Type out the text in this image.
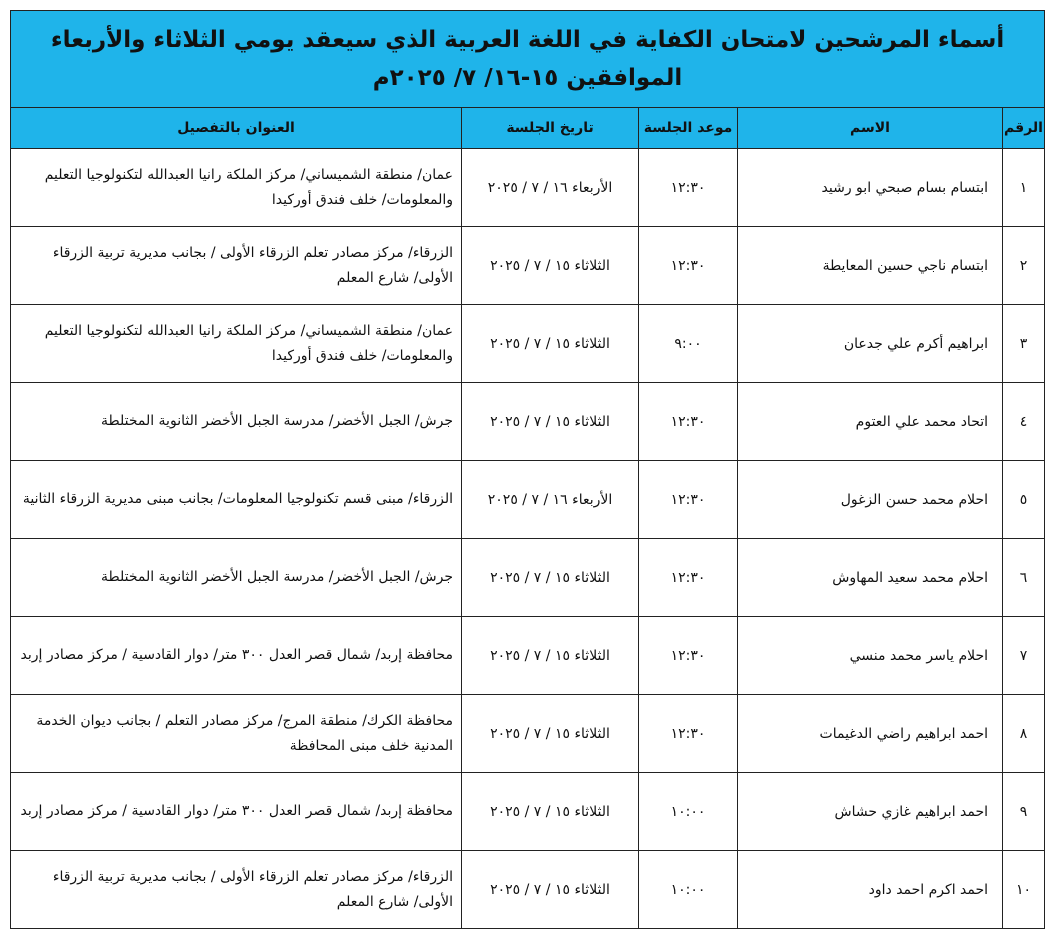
أسماء المرشحين لامتحان الكفاية في اللغة العربية الذي سيعقد يومي الثلاثاء والأربعاء
الموافقين ١٥-١٦/ ٧/ ٢٠٢٥م				

الرقم	الاسم	موعد الجلسة	تاريخ الجلسة	العنوان بالتفصيل
١	ابتسام بسام صبحي ابو رشيد	١٢:٣٠	الأربعاء ١٦ / ٧ / ٢٠٢٥	عمان/ منطقة الشميساني/ مركز الملكة رانيا العبدالله لتكنولوجيا التعليم والمعلومات/ خلف فندق أوركيدا
٢	ابتسام ناجي حسين المعايطة	١٢:٣٠	الثلاثاء ١٥ / ٧ / ٢٠٢٥	الزرقاء/ مركز مصادر تعلم الزرقاء الأولى / بجانب مديرية تربية الزرقاء الأولى/ شارع المعلم
٣	ابراهيم أكرم علي جدعان	٩:٠٠	الثلاثاء ١٥ / ٧ / ٢٠٢٥	عمان/ منطقة الشميساني/ مركز الملكة رانيا العبدالله لتكنولوجيا التعليم والمعلومات/ خلف فندق أوركيدا
٤	اتحاد محمد علي العتوم	١٢:٣٠	الثلاثاء ١٥ / ٧ / ٢٠٢٥	جرش/ الجبل الأخضر/ مدرسة الجبل الأخضر الثانوية المختلطة
٥	احلام محمد حسن الزغول	١٢:٣٠	الأربعاء ١٦ / ٧ / ٢٠٢٥	الزرقاء/ مبنى قسم تكنولوجيا المعلومات/ بجانب مبنى مديرية الزرقاء الثانية
٦	احلام محمد سعيد المهاوش	١٢:٣٠	الثلاثاء ١٥ / ٧ / ٢٠٢٥	جرش/ الجبل الأخضر/ مدرسة الجبل الأخضر الثانوية المختلطة
٧	احلام ياسر محمد منسي	١٢:٣٠	الثلاثاء ١٥ / ٧ / ٢٠٢٥	محافظة إربد/ شمال قصر العدل ٣٠٠ متر/ دوار القادسية / مركز مصادر إربد
٨	احمد ابراهيم راضي الدغيمات	١٢:٣٠	الثلاثاء ١٥ / ٧ / ٢٠٢٥	محافظة الكرك/ منطقة المرج/ مركز مصادر التعلم / بجانب ديوان الخدمة المدنية خلف مبنى المحافظة
٩	احمد ابراهيم غازي حشاش	١٠:٠٠	الثلاثاء ١٥ / ٧ / ٢٠٢٥	محافظة إربد/ شمال قصر العدل ٣٠٠ متر/ دوار القادسية / مركز مصادر إربد
١٠	احمد اكرم احمد داود	١٠:٠٠	الثلاثاء ١٥ / ٧ / ٢٠٢٥	الزرقاء/ مركز مصادر تعلم الزرقاء الأولى / بجانب مديرية تربية الزرقاء الأولى/ شارع المعلم
